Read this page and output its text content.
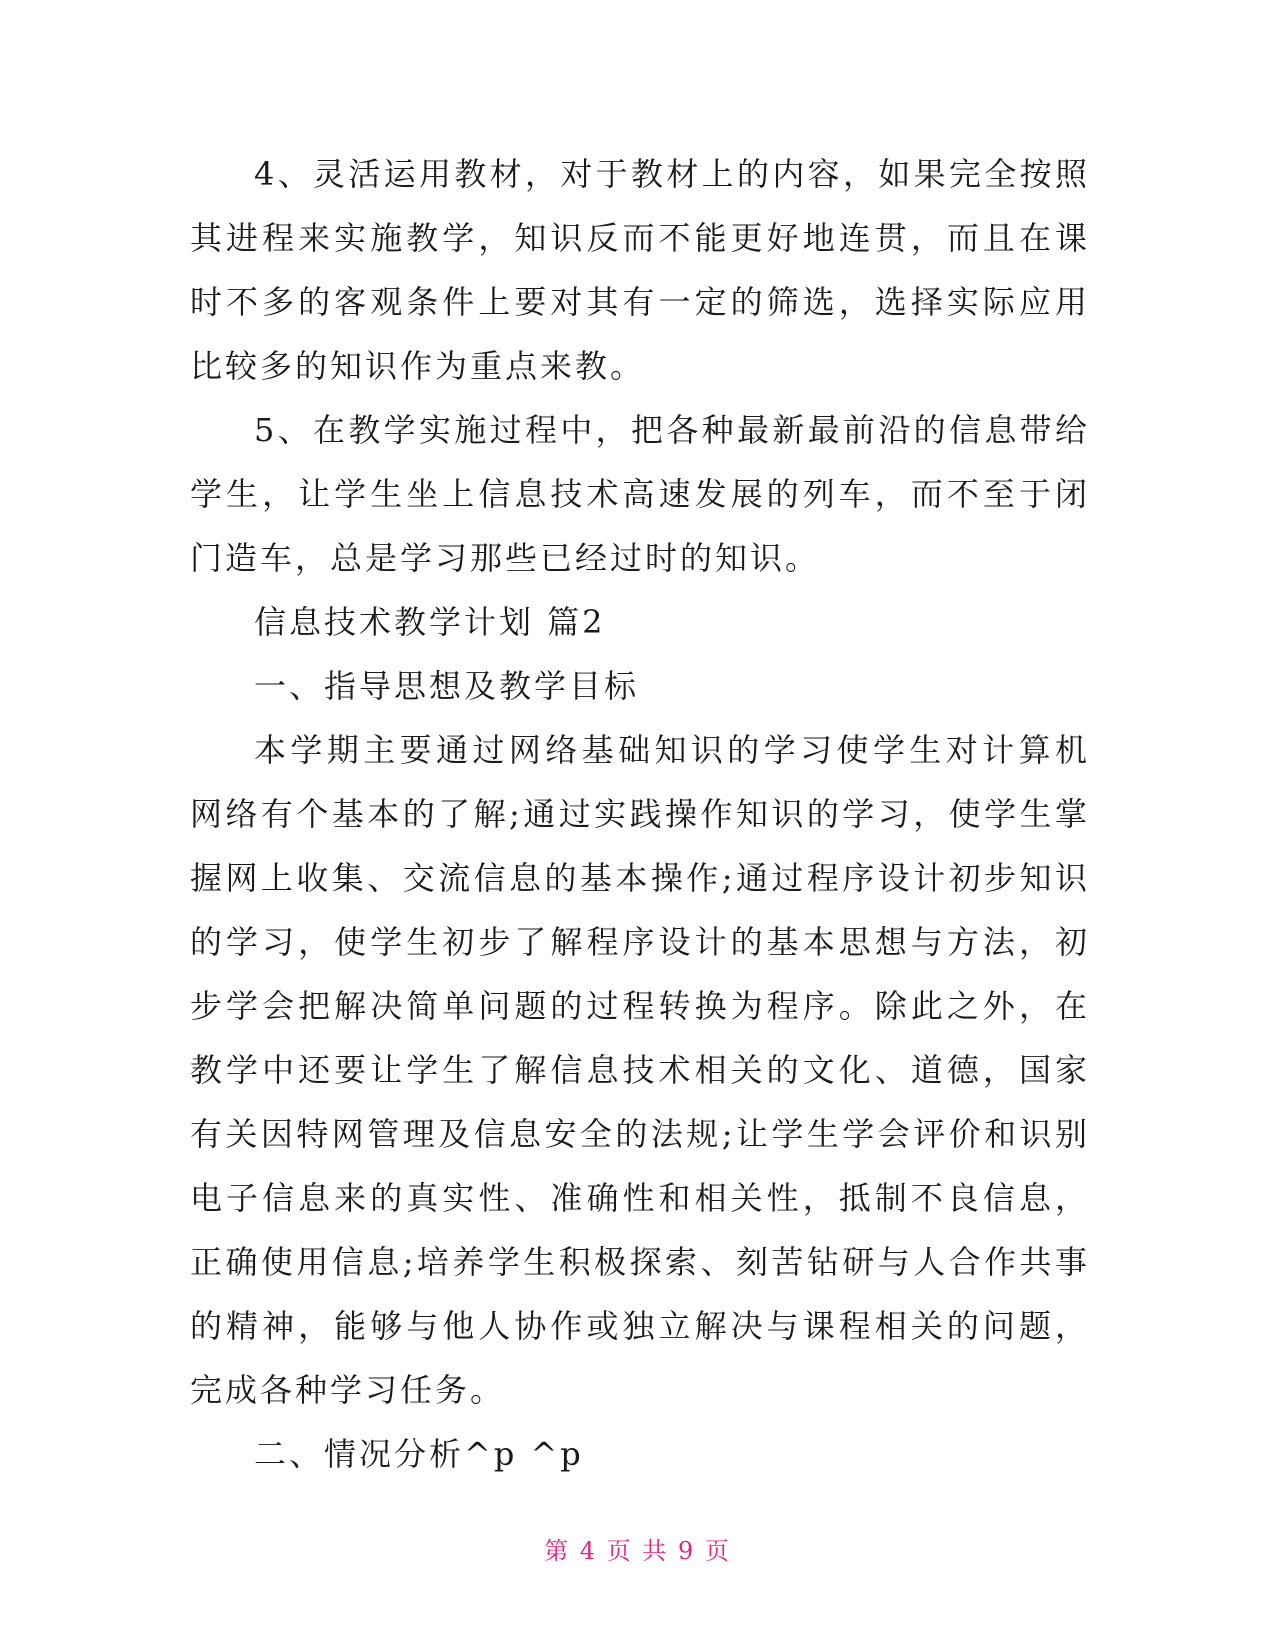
4、灵活运用教材，对于教材上的内容，如果完全按照其进程来实施教学，知识反而不能更好地连贯，而且在课时不多的客观条件上要对其有一定的筛选，选择实际应用比较多的知识作为重点来教。

5、在教学实施过程中，把各种最新最前沿的信息带给学生，让学生坐上信息技术高速发展的列车，而不至于闭门造车，总是学习那些已经过时的知识。

信息技术教学计划 篇2

一、指导思想及教学目标

本学期主要通过网络基础知识的学习使学生对计算机网络有个基本的了解;通过实践操作知识的学习，使学生掌握网上收集、交流信息的基本操作;通过程序设计初步知识的学习，使学生初步了解程序设计的基本思想与方法，初步学会把解决简单问题的过程转换为程序。除此之外，在教学中还要让学生了解信息技术相关的文化、道德，国家有关因特网管理及信息安全的法规;让学生学会评价和识别电子信息来的真实性、准确性和相关性，抵制不良信息，正确使用信息;培养学生积极探索、刻苦钻研与人合作共事的精神，能够与他人协作或独立解决与课程相关的问题，完成各种学习任务。

二、情况分析^p ^p

第 4 页 共 9 页
